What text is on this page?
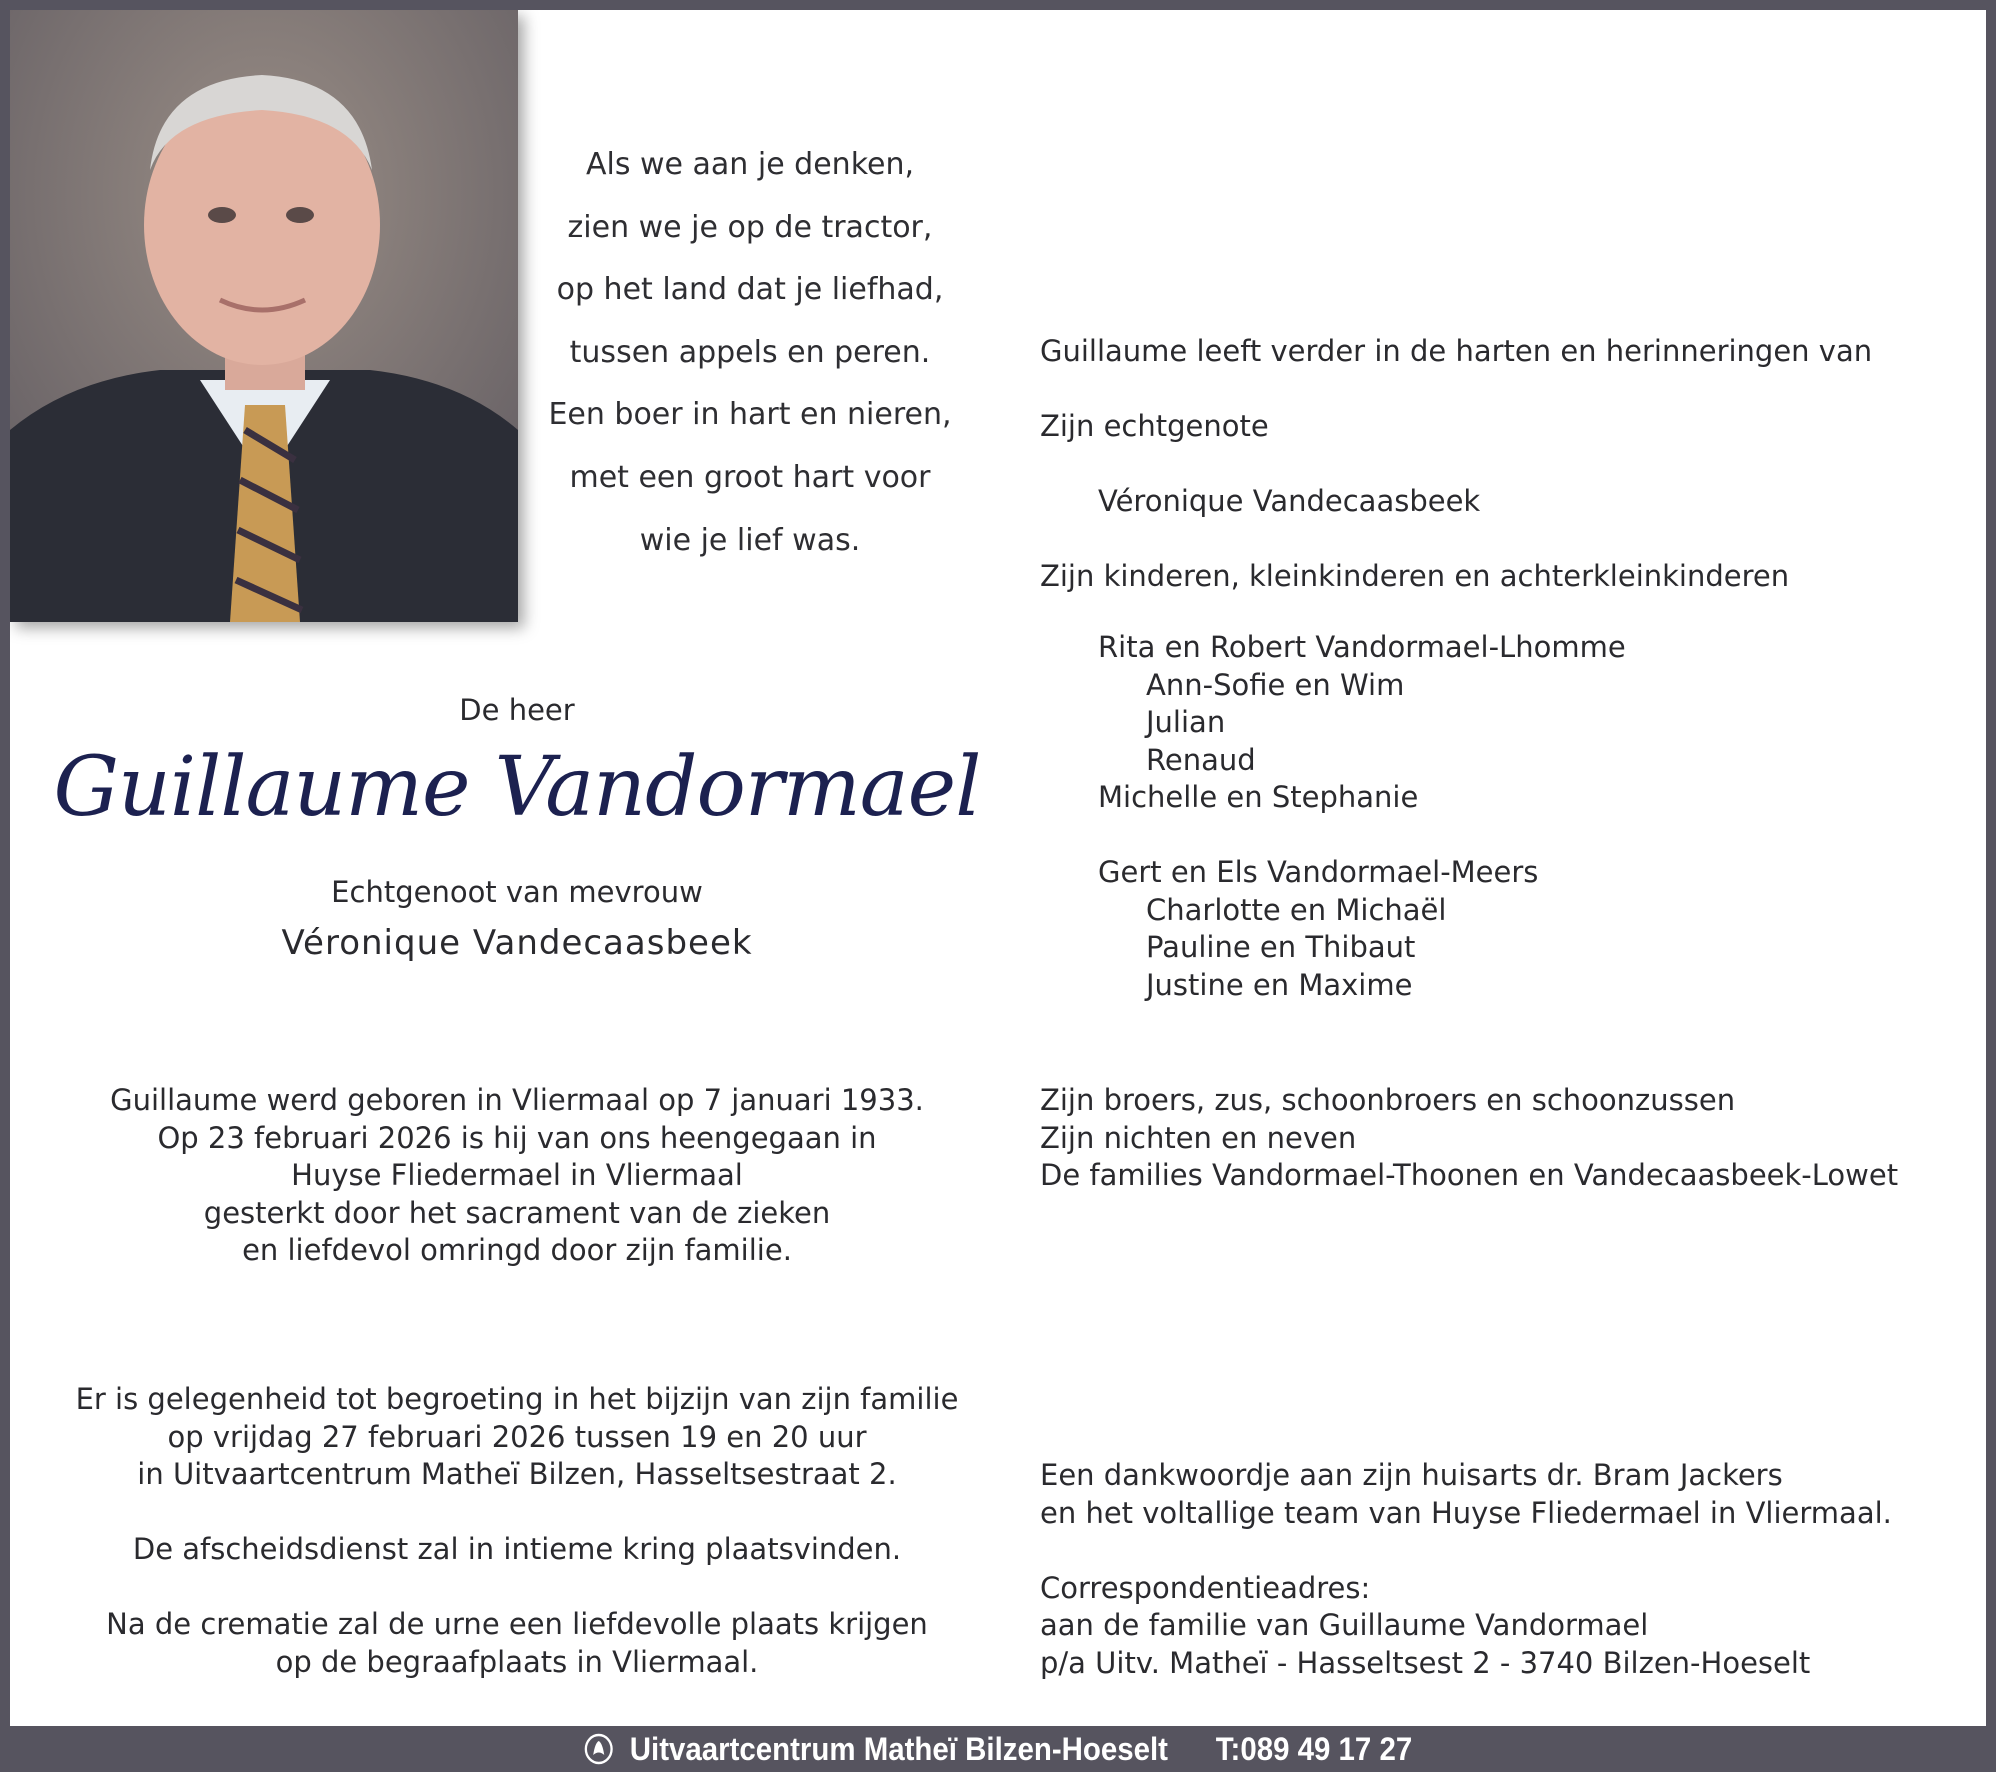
Als we aan je denken,
zien we je op de tractor,
op het land dat je liefhad,
tussen appels en peren.
Een boer in hart en nieren,
met een groot hart voor
wie je lief was.
De heer
Guillaume Vandormael
Echtgenoot van mevrouw
Véronique Vandecaasbeek
Guillaume werd geboren in Vliermaal op 7 januari 1933.
Op 23 februari 2026 is hij van ons heengegaan in
Huyse Fliedermael in Vliermaal
gesterkt door het sacrament van de zieken
en liefdevol omringd door zijn familie.
Er is gelegenheid tot begroeting in het bijzijn van zijn familie
op vrijdag 27 februari 2026 tussen 19 en 20 uur
in Uitvaartcentrum Matheï Bilzen, Hasseltsestraat 2.
De afscheidsdienst zal in intieme kring plaatsvinden.
Na de crematie zal de urne een liefdevolle plaats krijgen
op de begraafplaats in Vliermaal.
Guillaume leeft verder in de harten en herinneringen van
Zijn echtgenote
Véronique Vandecaasbeek
Zijn kinderen, kleinkinderen en achterkleinkinderen
Rita en Robert Vandormael-Lhomme
Ann-Sofie en Wim
Julian
Renaud
Michelle en Stephanie
Gert en Els Vandormael-Meers
Charlotte en Michaël
Pauline en Thibaut
Justine en Maxime
Zijn broers, zus, schoonbroers en schoonzussen
Zijn nichten en neven
De families Vandormael-Thoonen en Vandecaasbeek-Lowet
Een dankwoordje aan zijn huisarts dr. Bram Jackers
en het voltallige team van Huyse Fliedermael in Vliermaal.
Correspondentieadres:
aan de familie van Guillaume Vandormael
p/a Uitv. Matheï - Hasseltsest 2 - 3740 Bilzen-Hoeselt
Uitvaartcentrum Matheï Bilzen-Hoeselt T:089 49 17 27
